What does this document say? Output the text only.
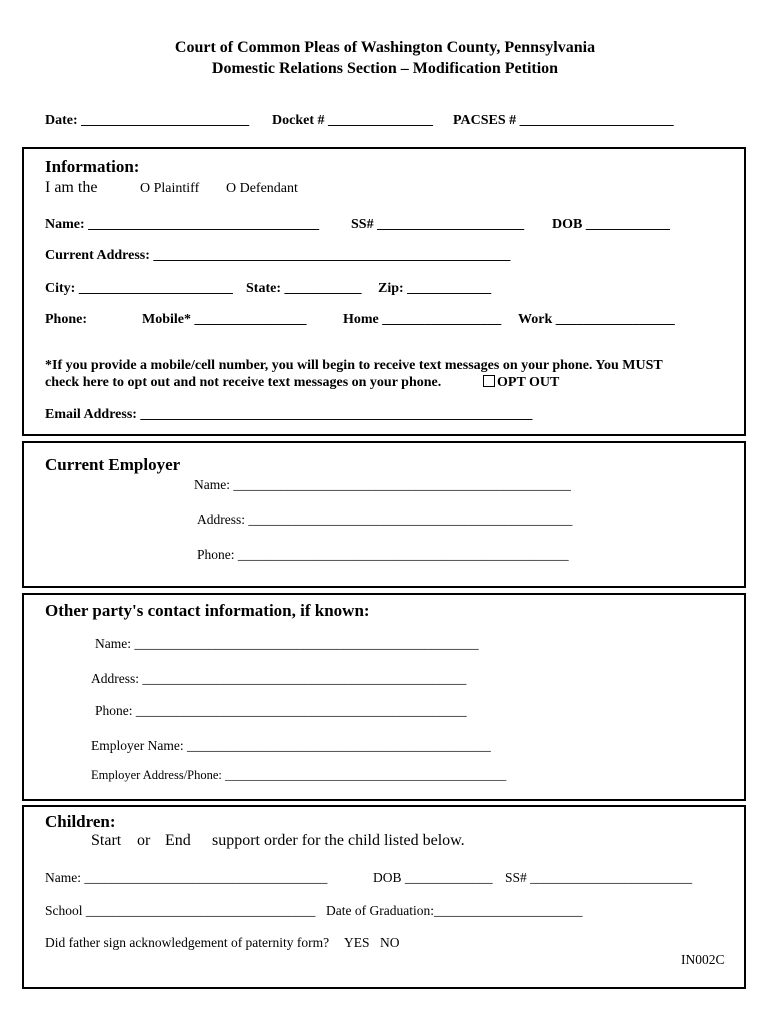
Court of Common Pleas of Washington County, Pennsylvania
Domestic Relations Section – Modification Petition
Date: ________________________ Docket # _______________ PACSES # ______________________
Information:
I am the	O Plaintiff O Defendant
Name: _________________________________ SS# _____________________ DOB ____________
Current Address: ___________________________________________________
City: ______________________ State: ___________ Zip: ____________
Phone:	Mobile* ________________	Home _________________ Work _________________
*If you provide a mobile/cell number, you will begin to receive text messages on your phone. You MUST
check here to opt out and not receive text messages on your phone.	OPT OUT
Email Address: ________________________________________________________
Current Employer
Name: __________________________________________________
Address: ________________________________________________
Phone: _________________________________________________
Other party's contact information, if known:
Name: ___________________________________________________
Address: ________________________________________________
Phone: _________________________________________________
Employer Name: _____________________________________________
Employer Address/Phone: _____________________________________________
Children:
Start or End support order for the child listed below.
Name: ____________________________________	DOB _____________ SS# ________________________
School __________________________________ Date of Graduation:______________________
Did father sign acknowledgement of paternity form? YES NO
IN002C
